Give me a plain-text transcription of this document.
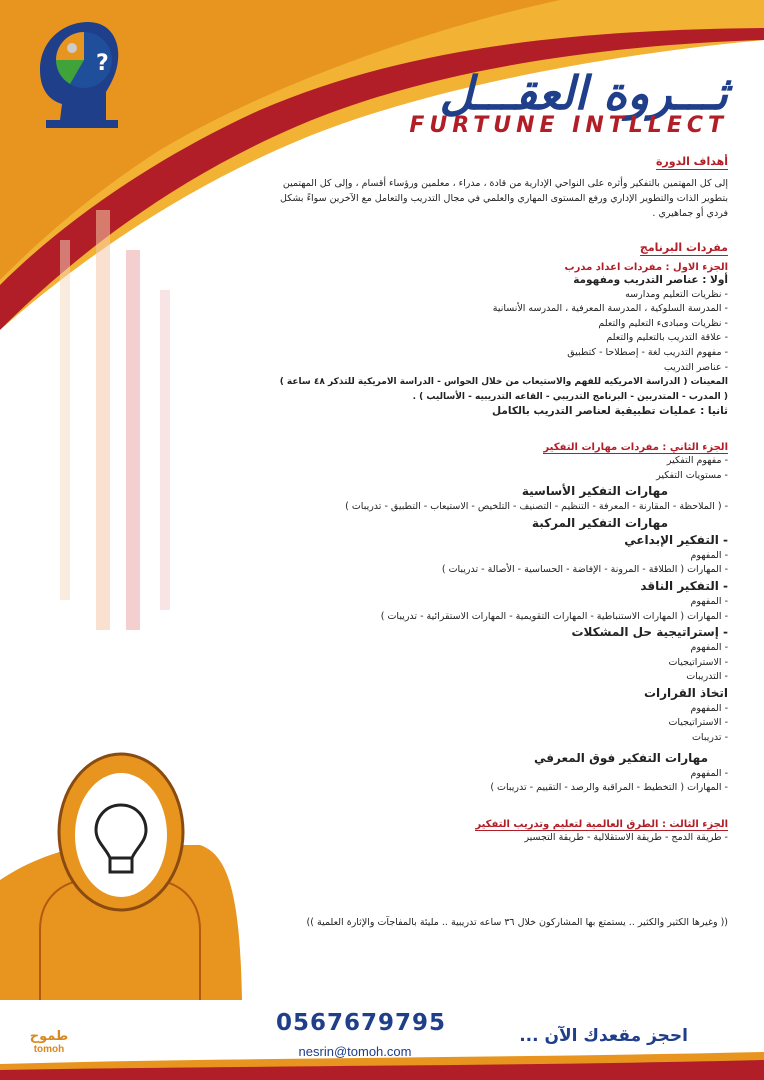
?
ثـــروة العقـــل
FURTUNE INTLLECT
أهداف الدورة

إلى كل المهتمين بالتفكير وأثره على النواحي الإدارية من قادة ، مدراء ، معلمين ورؤساء أقسام ، وإلى كل المهتمين

بتطوير الذات والتطوير الإداري ورفع المستوى المهاري والعلمي في مجال التدريب والتعامل مع الآخرين سواءً بشكل

فردي أو جماهيري .

مفردات البرنامج
الجزء الاول : مفردات اعداد مدرب
أولا : عناصر التدريب ومفهومة
- نظريات التعليم ومدارسه
- المدرسة السلوكية ، المدرسة المعرفية ، المدرسه الأنسانية
- نظريات ومبادىء التعليم والتعلم
- علاقة التدريب بالتعليم والتعلم
- مفهوم التدريب لغة - إصطلاحا - كتطبيق
- عناصر التدريب
المعينات ( الدراسة الامريكيه للفهم والاستيعاب من خلال الحواس - الدراسة الامريكية للتذكر ٤٨ ساعة )
( المدرب - المتدربين - البرنامج التدريبي - القاعه التدريبيه - الأساليب ) .
ثانيا : عمليات تطبيقية لعناصر التدريب بالكامل
الجزء الثاني : مفردات مهارات التفكير
- مفهوم التفكير
- مستويات التفكير
مهارات التفكير الأساسية
- ( الملاحظة - المقارنة - المعرفة - التنظيم - التصنيف - التلخيص - الاستيعاب - التطبيق - تدريبات )
مهارات التفكير المركبة
- التفكير الإبداعي
- المفهوم
- المهارات ( الطلاقة - المرونة - الإفاضة - الحساسية - الأصالة - تدريبات )
- التفكير الناقد
- المفهوم
- المهارات ( المهارات الاستنباطية - المهارات التقويمية - المهارات الاستقرائية - تدريبات )
- إستراتيجية حل المشكلات
- المفهوم
- الاستراتيجيات
- التدريبات
اتخاذ القرارات
- المفهوم
- الاستراتيجيات
- تدريبات
مهارات التفكير فوق المعرفي
- المفهوم
- المهارات ( التخطيط - المراقبة والرصد - التقييم - تدريبات )
الجزء الثالث : الطرق العالمية لتعليم وتدريب التفكير
- طريقة الدمج - طريقة الاستقلالية - طريقة التجسير
(( وغيرها الكثير والكثير .. يستمتع بها المشاركون خلال ٣٦ ساعه تدريبية .. مليئة بالمفاجآت والإثارة العلمية ))
0567679795
nesrin@tomoh.com
احجز مقعدك الآن ...
طموح
tomoh
